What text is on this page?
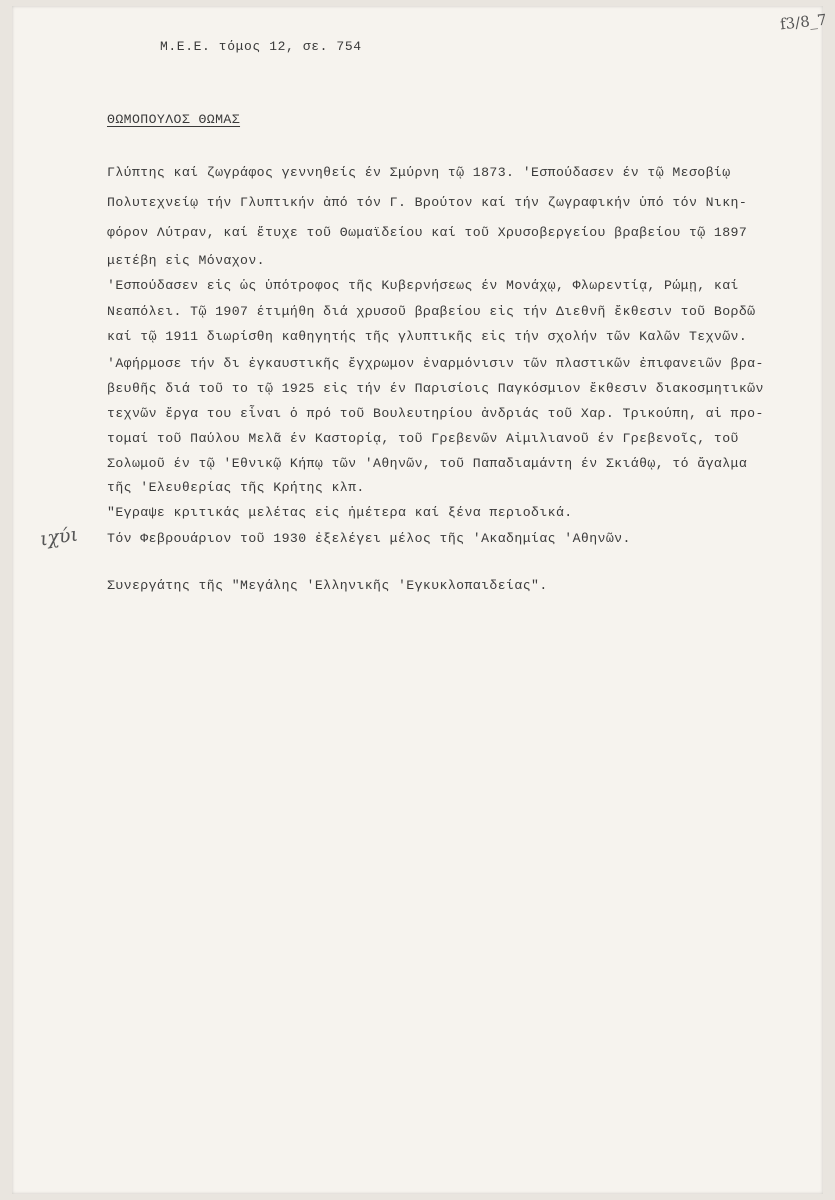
f3/8_7
Μ.Ε.Ε. τόμος 12, σε. 754
ΘΩΜΟΠΟΥΛΟΣ ΘΩΜΑΣ
Γλύπτης καί ζωγράφος γεννηθείς έν Σμύρνη τῷ 1873. 'Εσπούδασεν έν τῷ Μεσοβίῳ
Πολυτεχνείῳ τήν Γλυπτικήν ἀπό τόν Γ. Βρούτον καί τήν ζωγραφικήν ὑπό τόν Νικη-
φόρον Λύτραν, καί ἔτυχε τοῦ Θωμαϊδείου καί τοῦ Χρυσοβεργείου βραβείου τῷ 1897
μετέβη εἰς Μόναχον.
'Εσπούδασεν εἰς ὡς ὑπότροφος τῆς Κυβερνήσεως έν Μονάχῳ, Φλωρεντίᾳ, Ρώμῃ, καί
Νεαπόλει. Τῷ 1907 έτιμήθη διά χρυσοῦ βραβείου εἰς τήν Διεθνῆ ἔκθεσιν τοῦ Βορδῶ
καί τῷ 1911 διωρίσθη καθηγητής τῆς γλυπτικῆς εἰς τήν σχολήν τῶν Καλῶν Τεχνῶν.
'Αφήρμοσε τήν δι ἐγκαυστικῆς ἔγχρωμον ἐναρμόνισιν τῶν πλαστικῶν ἐπιφανειῶν βρα-
βευθῆς διά τοῦ το τῷ 1925 εἰς τήν έν Παρισίοις Παγκόσμιον ἔκθεσιν διακοσμητικῶν
τεχνῶν ἔργα του εἶναι ὁ πρό τοῦ Βουλευτηρίου ἀνδριάς τοῦ Χαρ. Τρικούπη, αἱ προ-
τομαί τοῦ Παύλου Μελᾶ έν Καστορίᾳ, τοῦ Γρεβενῶν Αἰμιλιανοῦ έν Γρεβενοῖς, τοῦ
Σολωμοῦ έν τῷ 'Εθνικῷ Κήπῳ τῶν 'Αθηνῶν, τοῦ Παπαδιαμάντη έν Σκιάθῳ, τό ἄγαλμα
τῆς 'Ελευθερίας τῆς Κρήτης κλπ.
"Εγραψε κριτικάς μελέτας εἰς ἡμέτερα καί ξένα περιοδικά.
Τόν Φεβρουάριον τοῦ 1930 ἐξελέγει μέλος τῆς 'Ακαδημίας 'Αθηνῶν.
ιχύι
Συνεργάτης τῆς "Μεγάλης 'Ελληνικῆς 'Εγκυκλοπαιδείας".
